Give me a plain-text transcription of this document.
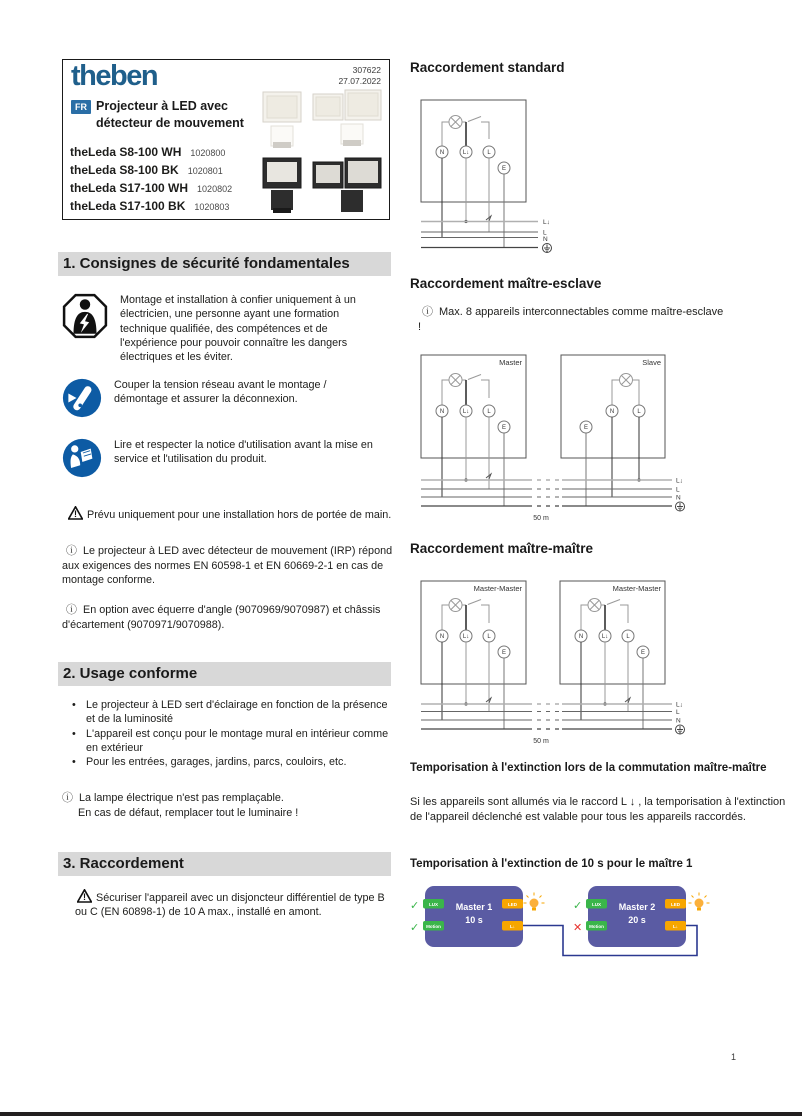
theben	307622
27.07.2022
FR Projecteur à LED avec
détecteur de mouvement
theLeda S8-100 WH 1020800
theLeda S8-100 BK 1020801
theLeda S17-100 WH 1020802
theLeda S17-100 BK 1020803
1. Consignes de sécurité fondamentales
Montage et installation à confier uniquement à un électricien, une personne ayant une formation technique qualifiée, des compétences et de l'expérience pour pouvoir connaître les dangers électriques et les éviter.
Couper la tension réseau avant le montage / démontage et assurer la déconnexion.
Lire et respecter la notice d'utilisation avant la mise en service et l'utilisation du produit.
! Prévu uniquement pour une installation hors de portée de main.
ⓘ Le projecteur à LED avec détecteur de mouvement (IRP) répond aux exigences des normes EN 60598-1 et EN 60669-2-1 en cas de montage conforme.
ⓘ En option avec équerre d'angle (9070969/9070987) et châssis d'écartement (9070971/9070988).
2. Usage conforme
• Le projecteur à LED sert d'éclairage en fonction de la présence et de la luminosité
• L'appareil est conçu pour le montage mural en intérieur comme en extérieur
• Pour les entrées, garages, jardins, parcs, couloirs, etc.
ⓘ La lampe électrique n'est pas remplaçable.
En cas de défaut, remplacer tout le luminaire !
3. Raccordement
! Sécuriser l'appareil avec un disjoncteur différentiel de type B ou C (EN 60898-1) de 10 A max., installé en amont.
Raccordement standard
N	L↓	L
E
L↓
L
N
Raccordement maître-esclave
ⓘ Max. 8 appareils interconnectables comme maître-esclave !
Master
N	L↓	L
E
Slave
E
N	L
L↓
L
N
50 m
Raccordement maître-maître
Master-Master
N	L↓	L
E
Master-Master
N	L↓	L
E
L↓
L
N
50 m
Temporisation à l'extinction lors de la commutation maître-maître
Si les appareils sont allumés via le raccord L ↓ , la temporisation à l'extinction de l'appareil déclenché est valable pour tous les appareils raccordés.
Temporisation à l'extinction de 10 s pour le maître 1
Master 1
10 s
LUX
Motion
LED
L↓
✓
✓
Master 2
20 s
LUX
Motion
LED
L↓
✓
✕
1
